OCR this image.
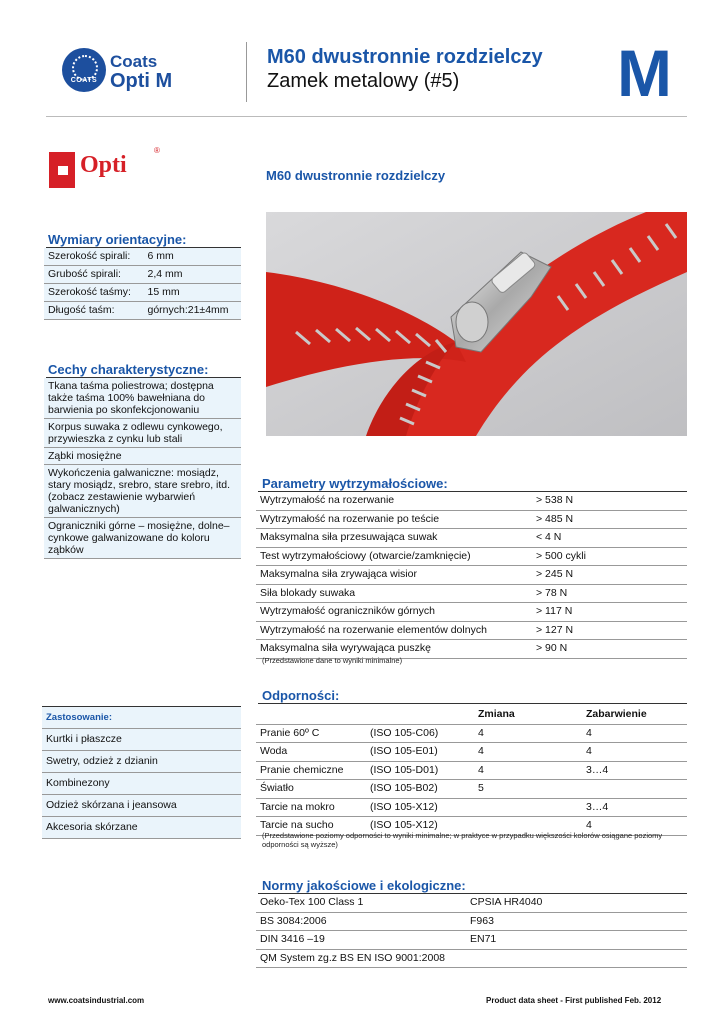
COATS
Coats
Opti M
M60 dwustronnie rozdzielczy
Zamek metalowy (#5) M
Opti
®
M60 dwustronnie rozdzielczy
Wymiary orientacyjne:
Szerokość spirali:	6 mm
Grubość spirali:	2,4 mm
Szerokość taśmy:	15 mm
Długość taśm:	górnych:21±4mm
Cechy charakterystyczne:
Tkana taśma poliestrowa; dostępna także taśma 100% bawełniana do barwienia po skonfekcjonowaniu
Korpus suwaka z odlewu cynkowego, przywieszka z cynku lub stali
Ząbki mosiężne
Wykończenia galwaniczne: mosiądz, stary mosiądz, srebro, stare srebro, itd. (zobacz zestawienie wybarwień galwanicznych)
Ograniczniki górne – mosiężne, dolne–cynkowe galwanizowane do koloru ząbków
Parametry wytrzymałościowe:
Wytrzymałość na rozerwanie	> 538 N
Wytrzymałość na rozerwanie po teście	> 485 N
Maksymalna siła przesuwająca suwak	< 4 N
Test wytrzymałościowy (otwarcie/zamknięcie)	> 500 cykli
Maksymalna siła zrywająca wisior	> 245 N
Siła blokady suwaka	> 78 N
Wytrzymałość ograniczników górnych	> 117 N
Wytrzymałość na rozerwanie elementów dolnych	> 127 N
Maksymalna siła wyrywająca puszkę	> 90 N
(Przedstawione dane to wyniki minimalne)
Odporności:
		Zmiana	Zabarwienie
Pranie 60º C	(ISO 105-C06)	4	4
Woda	(ISO 105-E01)	4	4
Pranie chemiczne	(ISO 105-D01)	4	3…4
Światło	(ISO 105-B02)	5	
Tarcie na mokro	(ISO 105-X12)		3…4
Tarcie na sucho	(ISO 105-X12)		4
(Przedstawione poziomy odporności to wyniki minimalne; w praktyce w przypadku większości kolorów osiągane poziomy odporności są wyższe)
Zastosowanie:
Kurtki i płaszcze
Swetry, odzież z dzianin
Kombinezony
Odzież skórzana i jeansowa
Akcesoria skórzane
Normy jakościowe i ekologiczne:
Oeko-Tex 100 Class 1	CPSIA HR4040
BS 3084:2006	F963
DIN 3416 –19	EN71
QM System zg.z BS EN ISO 9001:2008	
www.coatsindustrial.com	Product data sheet - First published Feb. 2012
